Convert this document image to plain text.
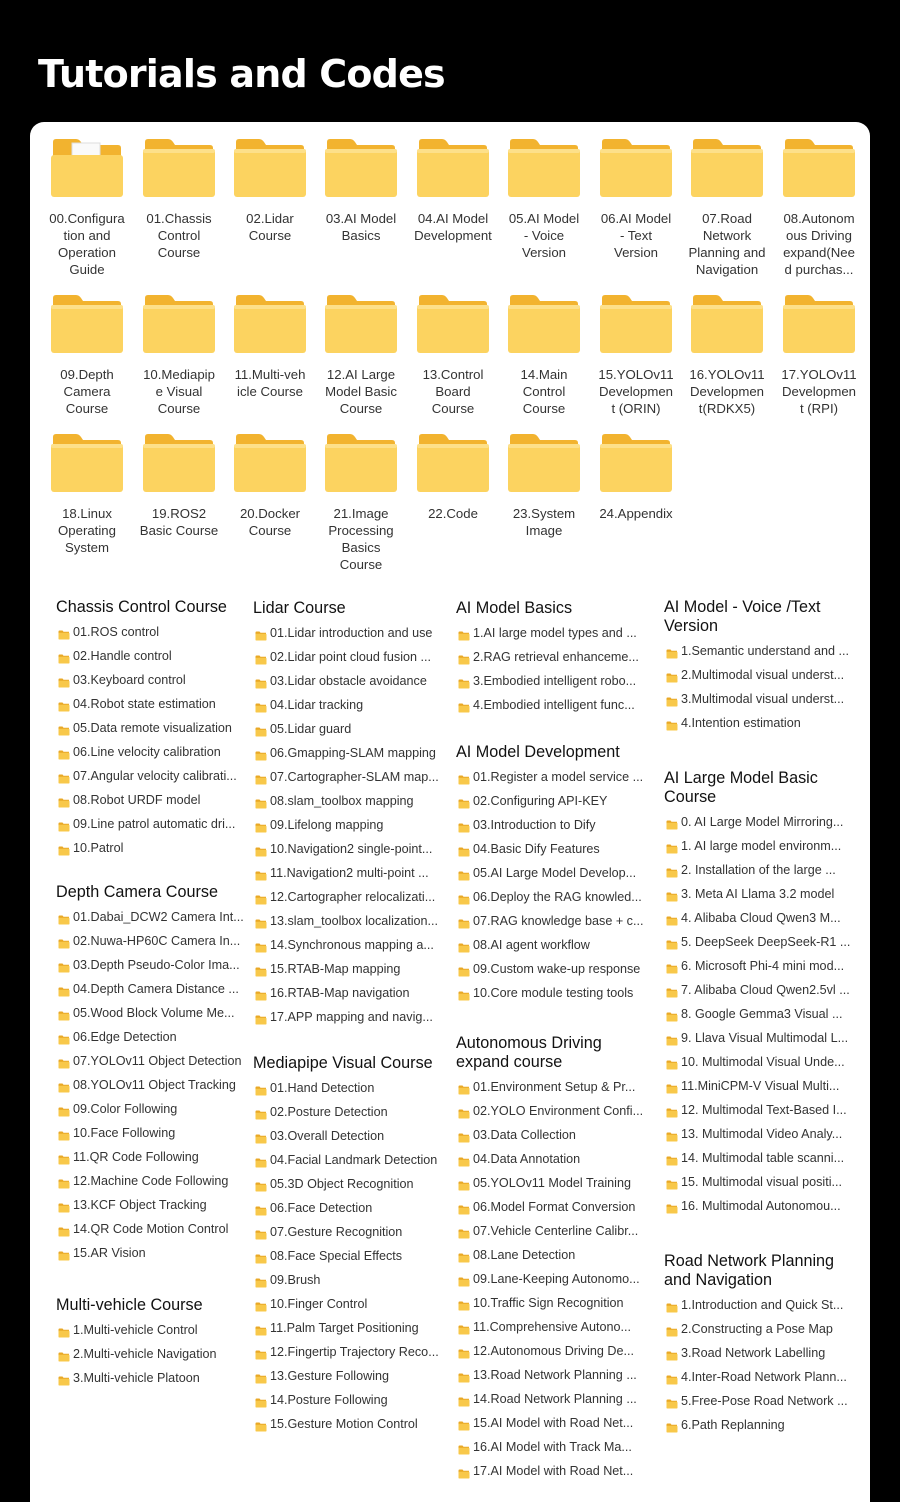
Tutorials and Codes
00.Configura
tion and
Operation
Guide
01.Chassis
Control
Course
02.Lidar
Course
03.AI Model
Basics
04.AI Model
Development
05.AI Model
- Voice
Version
06.AI Model
- Text
Version
07.Road
Network
Planning and
Navigation
08.Autonom
ous Driving
expand(Nee
d purchas...
09.Depth
Camera
Course
10.Mediapip
e Visual
Course
11.Multi-veh
icle Course
12.AI Large
Model Basic
Course
13.Control
Board
Course
14.Main
Control
Course
15.YOLOv11
Developmen
t (ORIN)
16.YOLOv11
Developmen
t(RDKX5)
17.YOLOv11
Developmen
t (RPI)
18.Linux
Operating
System
19.ROS2
Basic Course
20.Docker
Course
21.Image
Processing
Basics
Course
22.Code	23.System
Image
24.Appendix
Chassis Control Course
01.ROS control
02.Handle control
03.Keyboard control
04.Robot state estimation
05.Data remote visualization
06.Line velocity calibration
07.Angular velocity calibrati...
08.Robot URDF model
09.Line patrol automatic dri...
10.Patrol
Depth Camera Course
01.Dabai_DCW2 Camera Int...
02.Nuwa-HP60C Camera In...
03.Depth Pseudo-Color Ima...
04.Depth Camera Distance ...
05.Wood Block Volume Me...
06.Edge Detection
07.YOLOv11 Object Detection
08.YOLOv11 Object Tracking
09.Color Following
10.Face Following
11.QR Code Following
12.Machine Code Following
13.KCF Object Tracking
14.QR Code Motion Control
15.AR Vision
Multi-vehicle Course
1.Multi-vehicle Control
2.Multi-vehicle Navigation
3.Multi-vehicle Platoon
Lidar Course
01.Lidar introduction and use
02.Lidar point cloud fusion ...
03.Lidar obstacle avoidance
04.Lidar tracking
05.Lidar guard
06.Gmapping-SLAM mapping
07.Cartographer-SLAM map...
08.slam_toolbox mapping
09.Lifelong mapping
10.Navigation2 single-point...
11.Navigation2 multi-point ...
12.Cartographer relocalizati...
13.slam_toolbox localization...
14.Synchronous mapping a...
15.RTAB-Map mapping
16.RTAB-Map navigation
17.APP mapping and navig...
Mediapipe Visual Course
01.Hand Detection
02.Posture Detection
03.Overall Detection
04.Facial Landmark Detection
05.3D Object Recognition
06.Face Detection
07.Gesture Recognition
08.Face Special Effects
09.Brush
10.Finger Control
11.Palm Target Positioning
12.Fingertip Trajectory Reco...
13.Gesture Following
14.Posture Following
15.Gesture Motion Control
AI Model Basics
1.AI large model types and ...
2.RAG retrieval enhanceme...
3.Embodied intelligent robo...
4.Embodied intelligent func...
AI Model Development
01.Register a model service ...
02.Configuring API-KEY
03.Introduction to Dify
04.Basic Dify Features
05.AI Large Model Develop...
06.Deploy the RAG knowled...
07.RAG knowledge base + c...
08.AI agent workflow
09.Custom wake-up response
10.Core module testing tools
Autonomous Driving
expand course
01.Environment Setup & Pr...
02.YOLO Environment Confi...
03.Data Collection
04.Data Annotation
05.YOLOv11 Model Training
06.Model Format Conversion
07.Vehicle Centerline Calibr...
08.Lane Detection
09.Lane-Keeping Autonomo...
10.Traffic Sign Recognition
11.Comprehensive Autono...
12.Autonomous Driving De...
13.Road Network Planning ...
14.Road Network Planning ...
15.AI Model with Road Net...
16.AI Model with Track Ma...
17.AI Model with Road Net...
AI Model - Voice /Text
Version
1.Semantic understand and ...
2.Multimodal visual underst...
3.Multimodal visual underst...
4.Intention estimation
AI Large Model Basic
Course
0. AI Large Model Mirroring...
1. AI large model environm...
2. Installation of the large ...
3. Meta AI Llama 3.2 model
4. Alibaba Cloud Qwen3 M...
5. DeepSeek DeepSeek-R1 ...
6. Microsoft Phi-4 mini mod...
7. Alibaba Cloud Qwen2.5vl ...
8. Google Gemma3 Visual ...
9. Llava Visual Multimodal L...
10. Multimodal Visual Unde...
11.MiniCPM-V Visual Multi...
12. Multimodal Text-Based I...
13. Multimodal Video Analy...
14. Multimodal table scanni...
15. Multimodal visual positi...
16. Multimodal Autonomou...
Road Network Planning
and Navigation
1.Introduction and Quick St...
2.Constructing a Pose Map
3.Road Network Labelling
4.Inter-Road Network Plann...
5.Free-Pose Road Network ...
6.Path Replanning
